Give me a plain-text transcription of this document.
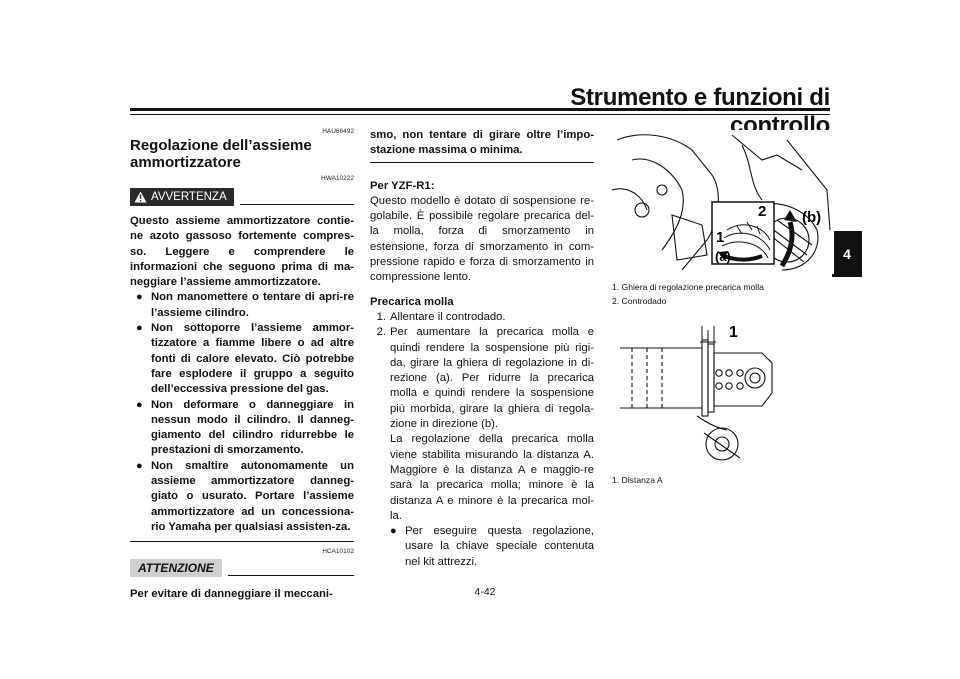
Strumento e funzioni di controllo
4
HAU66492
Regolazione dell’assieme
ammortizzatore
HWA10222
AVVERTENZA
Questo assieme ammortizzatore contie-ne azoto gassoso fortemente compres-so. Leggere e comprendere le informazioni che seguono prima di ma-neggiare l’assieme ammortizzatore.
● Non manomettere o tentare di apri-re l’assieme cilindro.
● Non sottoporre l’assieme ammor-tizzatore a fiamme libere o ad altre fonti di calore elevato. Ciò potrebbe fare esplodere il gruppo a seguito dell’eccessiva pressione del gas.
● Non deformare o danneggiare in nessun modo il cilindro. Il danneg-giamento del cilindro ridurrebbe le prestazioni di smorzamento.
● Non smaltire autonomamente un assieme ammortizzatore danneg-giato o usurato. Portare l’assieme ammortizzatore ad un concessiona-rio Yamaha per qualsiasi assisten-za.
HCA10102
ATTENZIONE
Per evitare di danneggiare il meccani-
smo, non tentare di girare oltre l’impo-stazione massima o minima.
Per YZF-R1:
Questo modello è dotato di sospensione re-golabile. È possibile regolare precarica del-la molla, forza di smorzamento in estensione, forza di smorzamento in com-pressione rapido e forza di smorzamento in compressione lento.
Precarica molla
1. Allentare il controdado.
2. Per aumentare la precarica molla e quindi rendere la sospensione più rigi-da, girare la ghiera di regolazione in di-rezione (a). Per ridurre la precarica molla e quindi rendere la sospensione più morbida, girare la ghiera di regola-zione in direzione (b).
La regolazione della precarica molla viene stabilita misurando la distanza A. Maggiore è la distanza A e maggio-re sarà la precarica molla; minore è la distanza A e minore è la precarica mol-la.
● Per eseguire questa regolazione, usare la chiave speciale contenuta nel kit attrezzi.
2
1
(a)
(b)
1. Ghiera di regolazione precarica molla
2. Controdado
1
1. Distanza A
4-42
